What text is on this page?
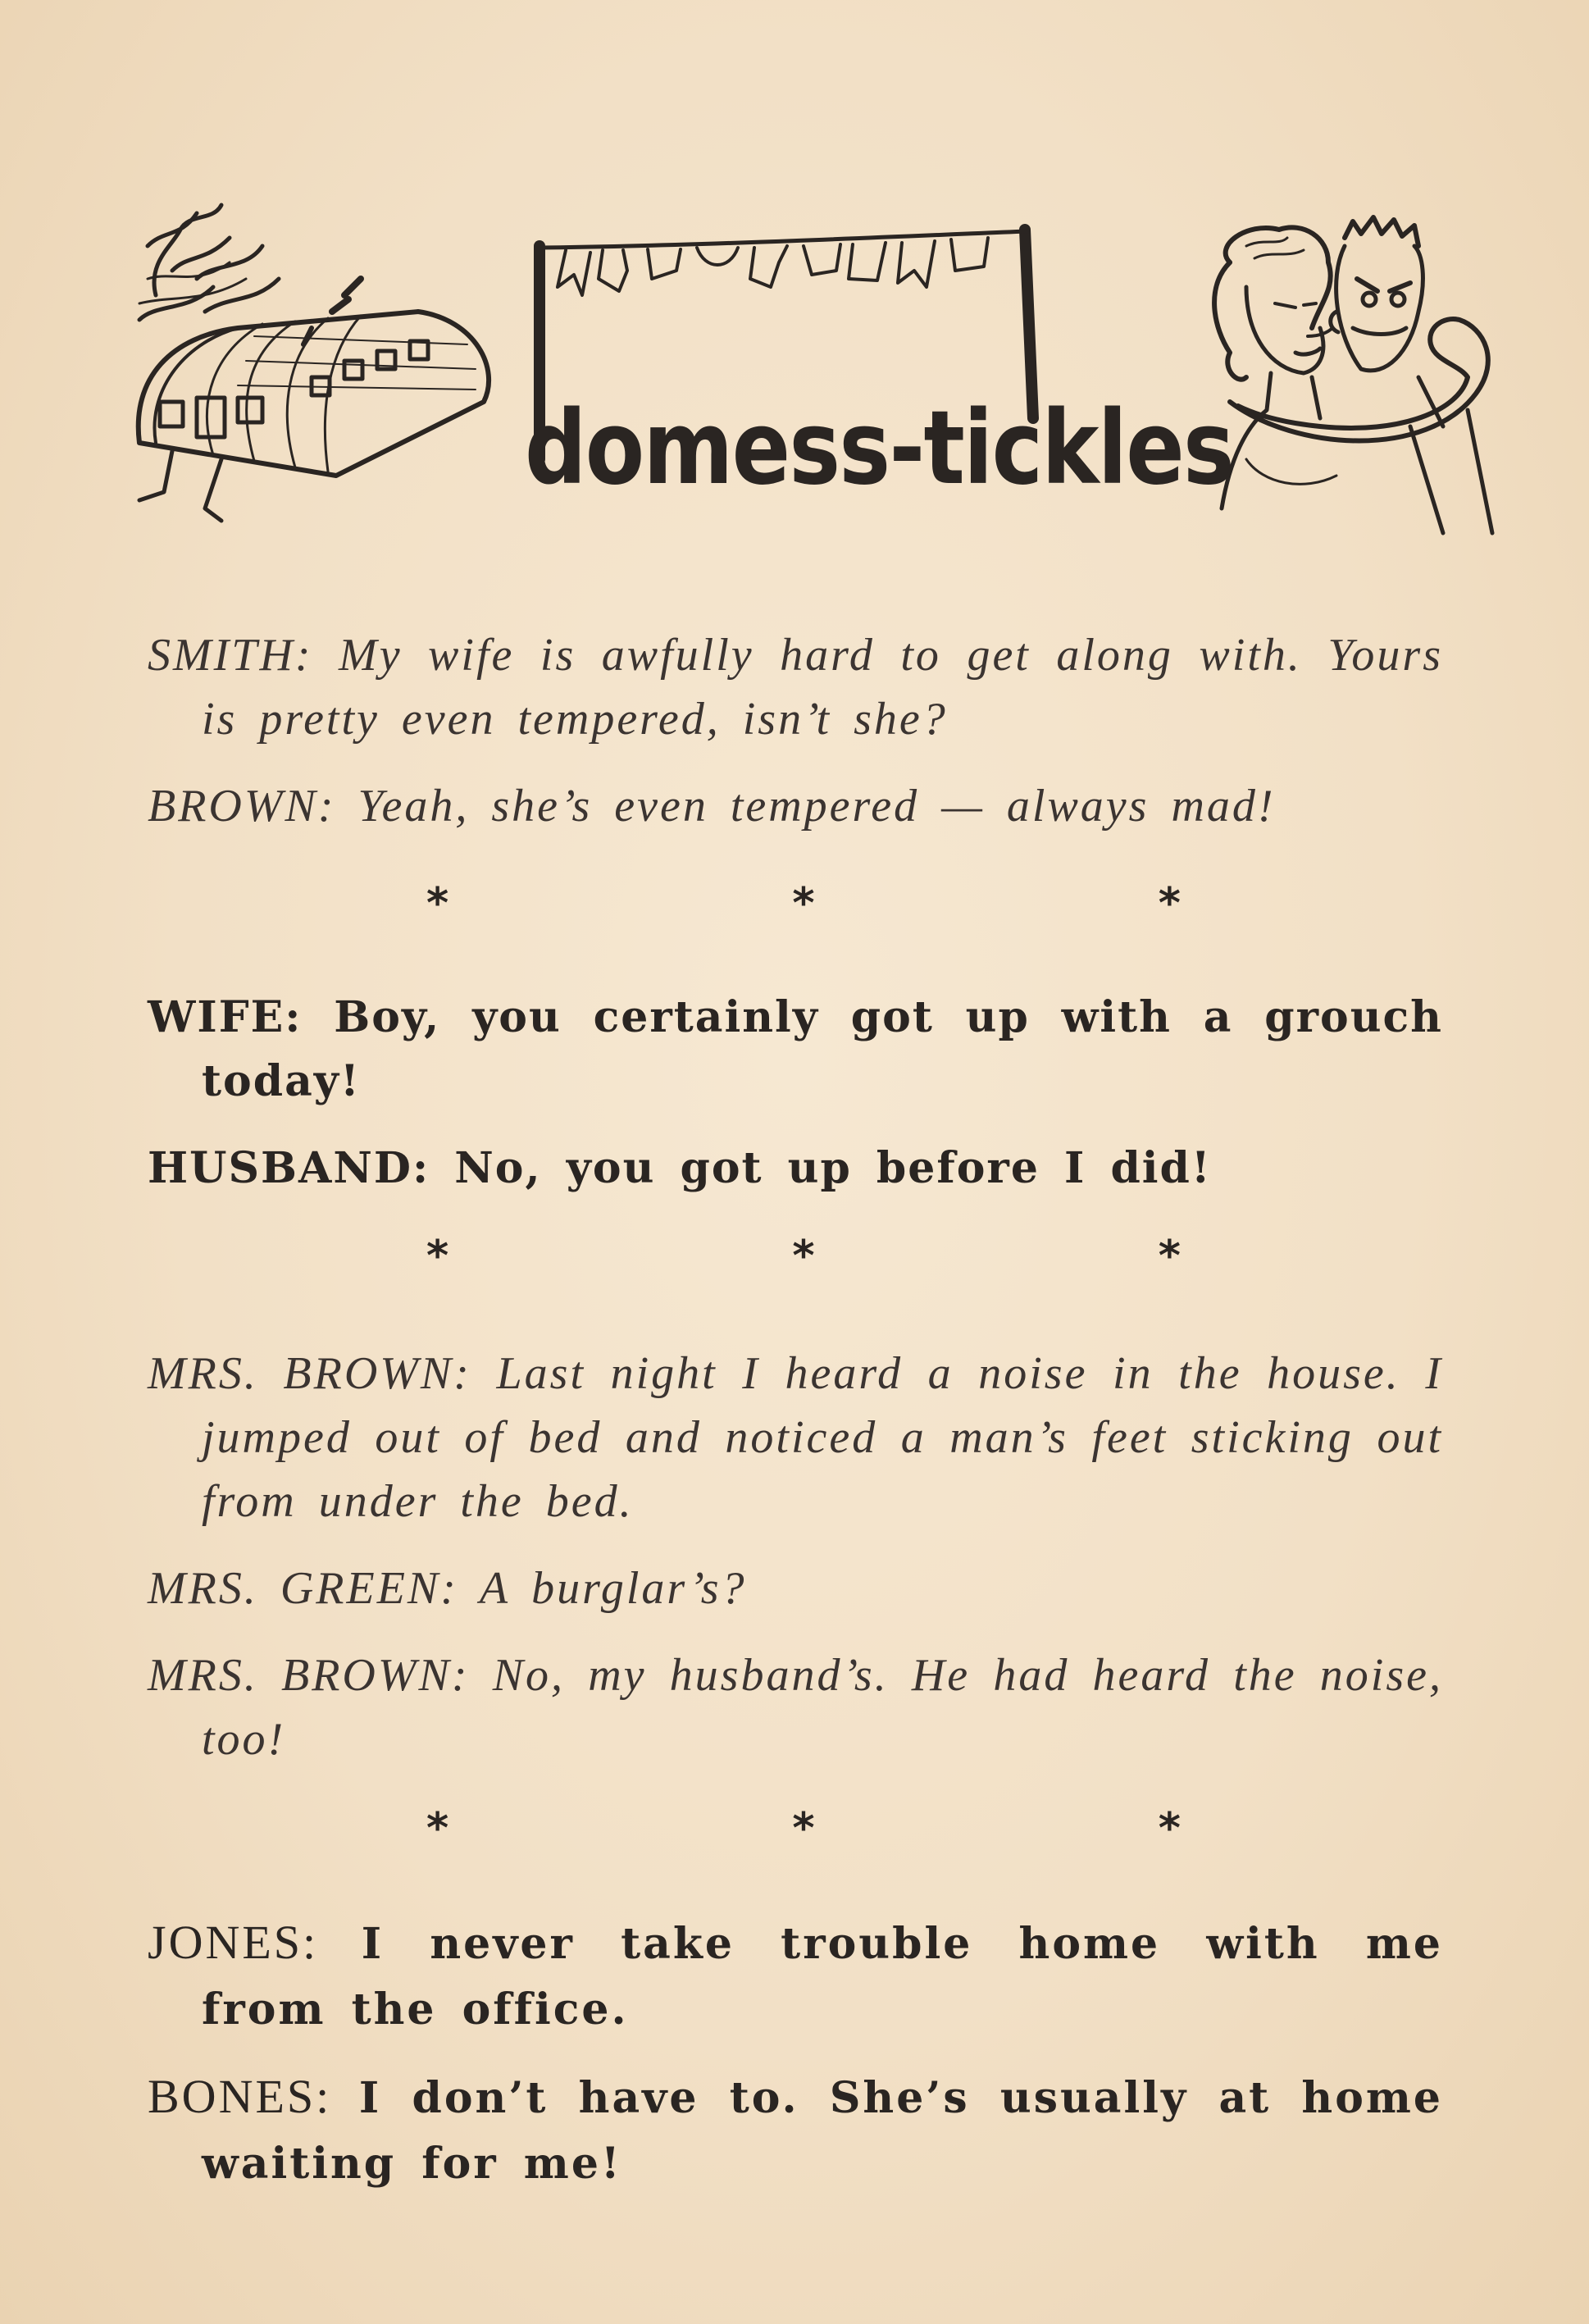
domess-tickles

SMITH: My wife is awfully hard to get along with. Yours is pretty even tempered, isn’t she?

BROWN: Yeah, she’s even tempered — always mad!

*	*	*

WIFE: Boy, you certainly got up with a grouch today!

HUSBAND: No, you got up before I did!

*	*	*

MRS. BROWN: Last night I heard a noise in the house. I jumped out of bed and noticed a man’s feet sticking out from under the bed.

MRS. GREEN: A burglar’s?

MRS. BROWN: No, my husband’s. He had heard the noise, too!

*	*	*

JONES: I never take trouble home with me from the office.

BONES: I don’t have to. She’s usually at home waiting for me!
